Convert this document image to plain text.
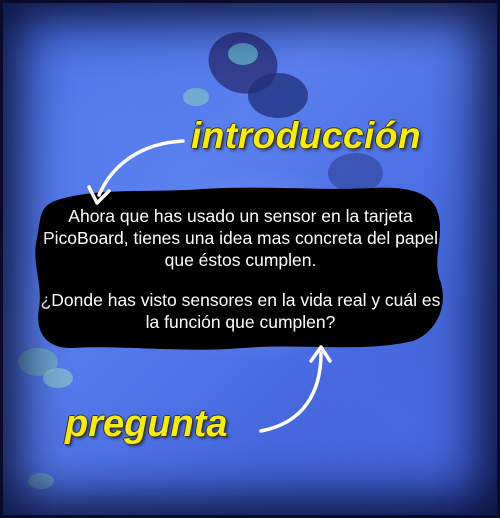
introducción

Ahora que has usado un sensor en la tarjeta PicoBoard, tienes una idea mas concreta del papel que éstos cumplen.

¿Donde has visto sensores en la vida real y cuál es la función que cumplen?

pregunta
